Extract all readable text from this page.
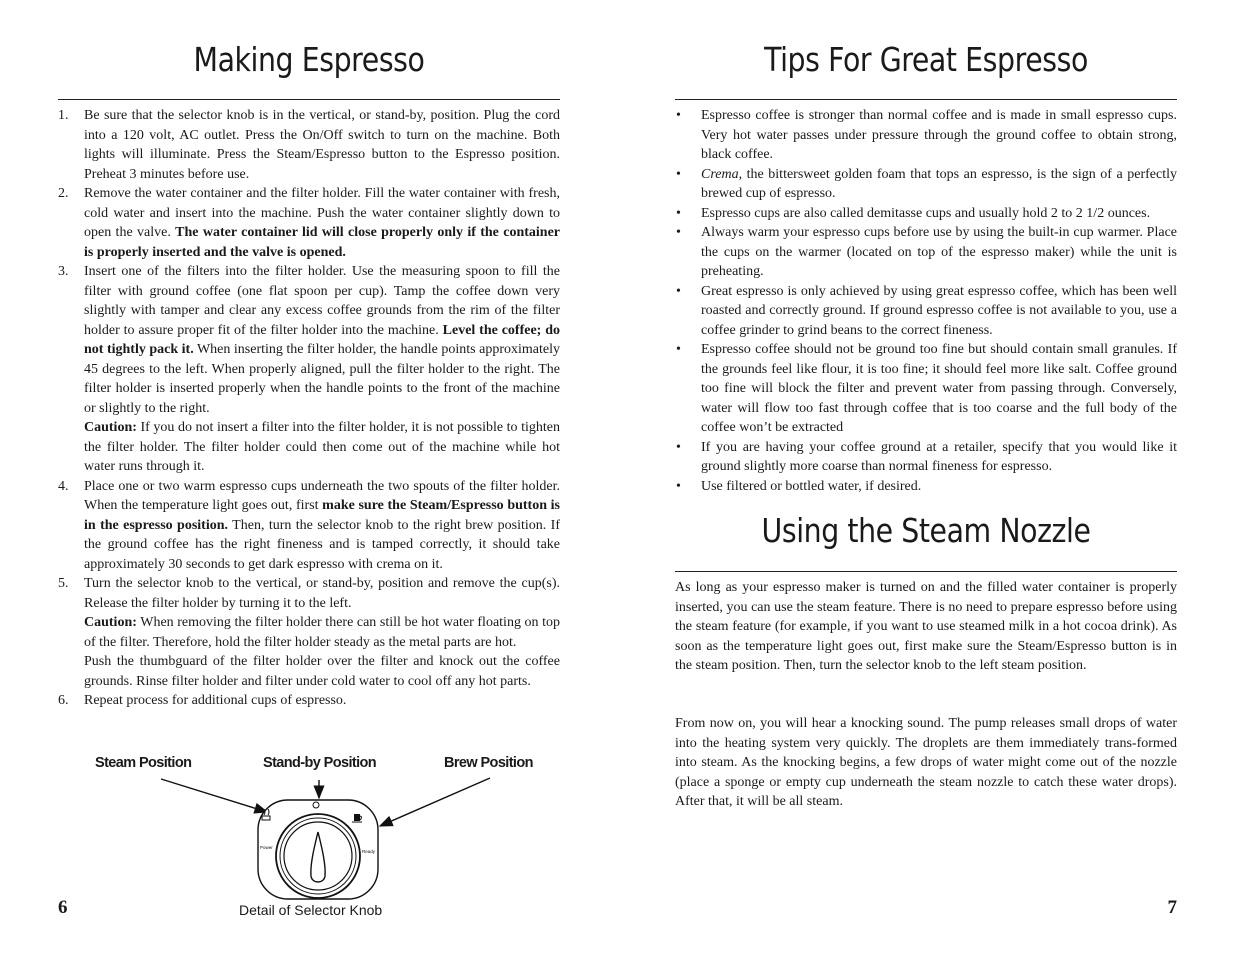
Making Espresso
1. Be sure that the selector knob is in the vertical, or stand-by, position. Plug the cord into a 120 volt, AC outlet. Press the On/Off switch to turn on the machine. Both lights will illuminate. Press the Steam/Espresso button to the Espresso position. Preheat 3 minutes before use.

2. Remove the water container and the filter holder. Fill the water container with fresh, cold water and insert into the machine. Push the water container slightly down to open the valve. The water container lid will close properly only if the container is properly inserted and the valve is opened.

3. Insert one of the filters into the filter holder. Use the measuring spoon to fill the filter with ground coffee (one flat spoon per cup). Tamp the coffee down very slightly with tamper and clear any excess coffee grounds from the rim of the filter holder to assure proper fit of the filter holder into the machine. Level the coffee; do not tightly pack it. When inserting the filter holder, the handle points approximately 45 degrees to the left. When properly aligned, pull the filter holder to the right. The filter holder is inserted properly when the handle points to the front of the machine or slightly to the right.

Caution: If you do not insert a filter into the filter holder, it is not possible to tighten the filter holder. The filter holder could then come out of the machine while hot water runs through it.

4. Place one or two warm espresso cups underneath the two spouts of the filter holder. When the temperature light goes out, first make sure the Steam/Espresso button is in the espresso position. Then, turn the selector knob to the right brew position. If the ground coffee has the right fineness and is tamped correctly, it should take approximately 30 seconds to get dark espresso with crema on it.

5. Turn the selector knob to the vertical, or stand-by, position and remove the cup(s). Release the filter holder by turning it to the left.

Caution: When removing the filter holder there can still be hot water floating on top of the filter. Therefore, hold the filter holder steady as the metal parts are hot.

Push the thumbguard of the filter holder over the filter and knock out the coffee grounds. Rinse filter holder and filter under cold water to cool off any hot parts.

6. Repeat process for additional cups of espresso.

Steam Position	Stand-by Position	Brew Position
Power
Ready
Detail of Selector Knob
6
Tips For Great Espresso
• Espresso coffee is stronger than normal coffee and is made in small espresso cups. Very hot water passes under pressure through the ground coffee to obtain strong, black coffee.
• Crema, the bittersweet golden foam that tops an espresso, is the sign of a perfectly brewed cup of espresso.
• Espresso cups are also called demitasse cups and usually hold 2 to 2 1/2 ounces.
• Always warm your espresso cups before use by using the built-in cup warmer. Place the cups on the warmer (located on top of the espresso maker) while the unit is preheating.
• Great espresso is only achieved by using great espresso coffee, which has been well roasted and correctly ground. If ground espresso coffee is not available to you, use a coffee grinder to grind beans to the correct fineness.
• Espresso coffee should not be ground too fine but should contain small granules. If the grounds feel like flour, it is too fine; it should feel more like salt. Coffee ground too fine will block the filter and prevent water from passing through. Conversely, water will flow too fast through coffee that is too coarse and the full body of the coffee won’t be extracted
• If you are having your coffee ground at a retailer, specify that you would like it ground slightly more coarse than normal fineness for espresso.
• Use filtered or bottled water, if desired.
Using the Steam Nozzle

As long as your espresso maker is turned on and the filled water container is properly inserted, you can use the steam feature. There is no need to prepare espresso before using the steam feature (for example, if you want to use steamed milk in a hot cocoa drink). As soon as the temperature light goes out, first make sure the Steam/Espresso button is in the steam position. Then, turn the selector knob to the left steam position.

From now on, you will hear a knocking sound. The pump releases small drops of water into the heating system very quickly. The droplets are them immediately trans-formed into steam. As the knocking begins, a few drops of water might come out of the nozzle (place a sponge or empty cup underneath the steam nozzle to catch these water drops). After that, it will be all steam.

7
